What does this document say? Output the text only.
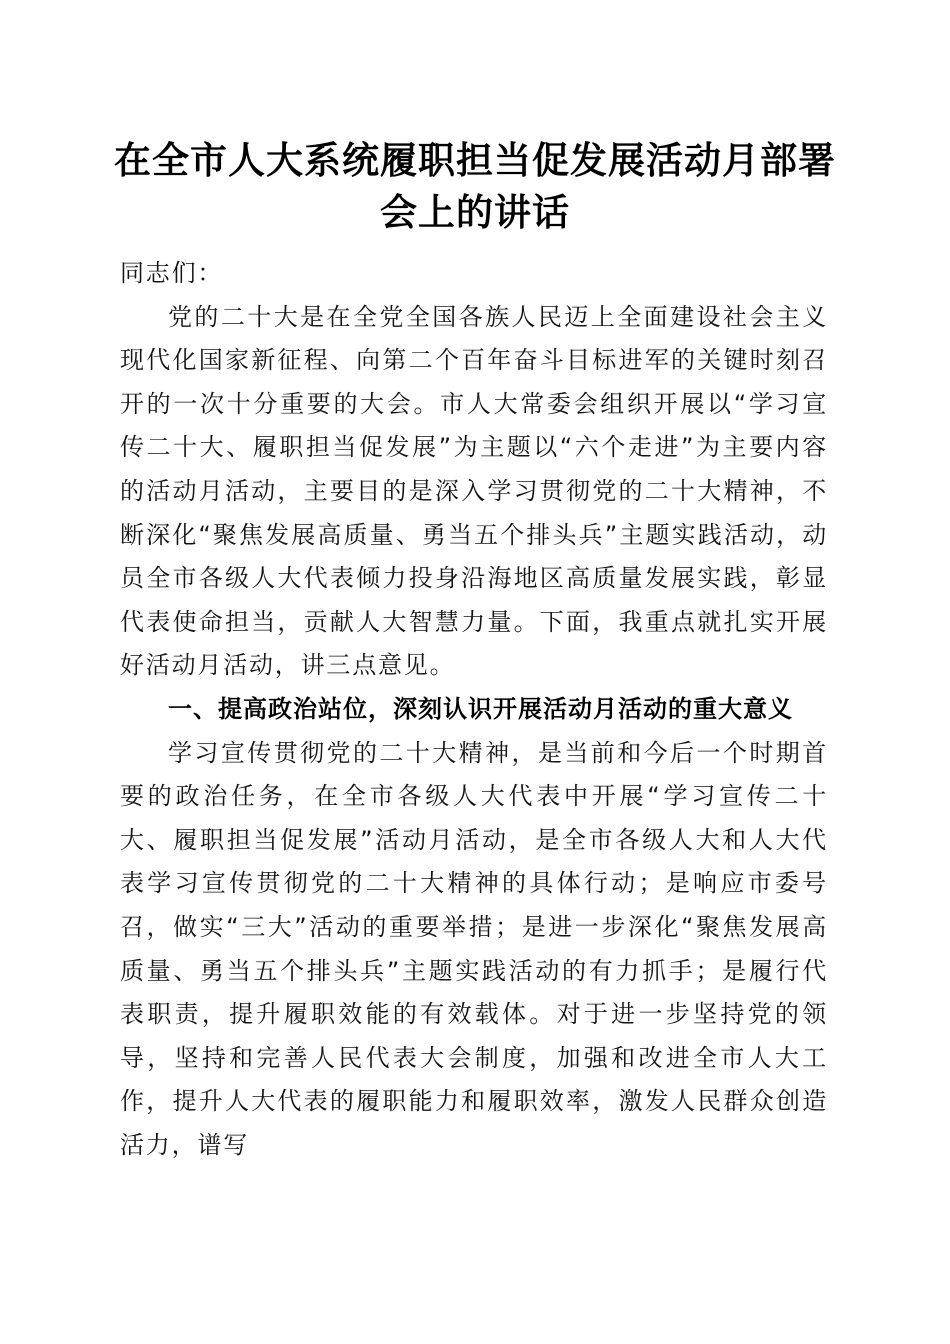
在全市人大系统履职担当促发展活动月部署会上的讲话

同志们：

党的二十大是在全党全国各族人民迈上全面建设社会主义现代化国家新征程、向第二个百年奋斗目标进军的关键时刻召开的一次十分重要的大会。市人大常委会组织开展以“学习宣传二十大、履职担当促发展”为主题以“六个走进”为主要内容的活动月活动，主要目的是深入学习贯彻党的二十大精神，不断深化“聚焦发展高质量、勇当五个排头兵”主题实践活动，动员全市各级人大代表倾力投身沿海地区高质量发展实践，彰显代表使命担当，贡献人大智慧力量。下面，我重点就扎实开展好活动月活动，讲三点意见。

一、提高政治站位，深刻认识开展活动月活动的重大意义

学习宣传贯彻党的二十大精神，是当前和今后一个时期首要的政治任务，在全市各级人大代表中开展“学习宣传二十大、履职担当促发展”活动月活动，是全市各级人大和人大代表学习宣传贯彻党的二十大精神的具体行动；是响应市委号召，做实“三大”活动的重要举措；是进一步深化“聚焦发展高质量、勇当五个排头兵”主题实践活动的有力抓手；是履行代表职责，提升履职效能的有效载体。对于进一步坚持党的领导，坚持和完善人民代表大会制度，加强和改进全市人大工作，提升人大代表的履职能力和履职效率，激发人民群众创造活力，谱写
